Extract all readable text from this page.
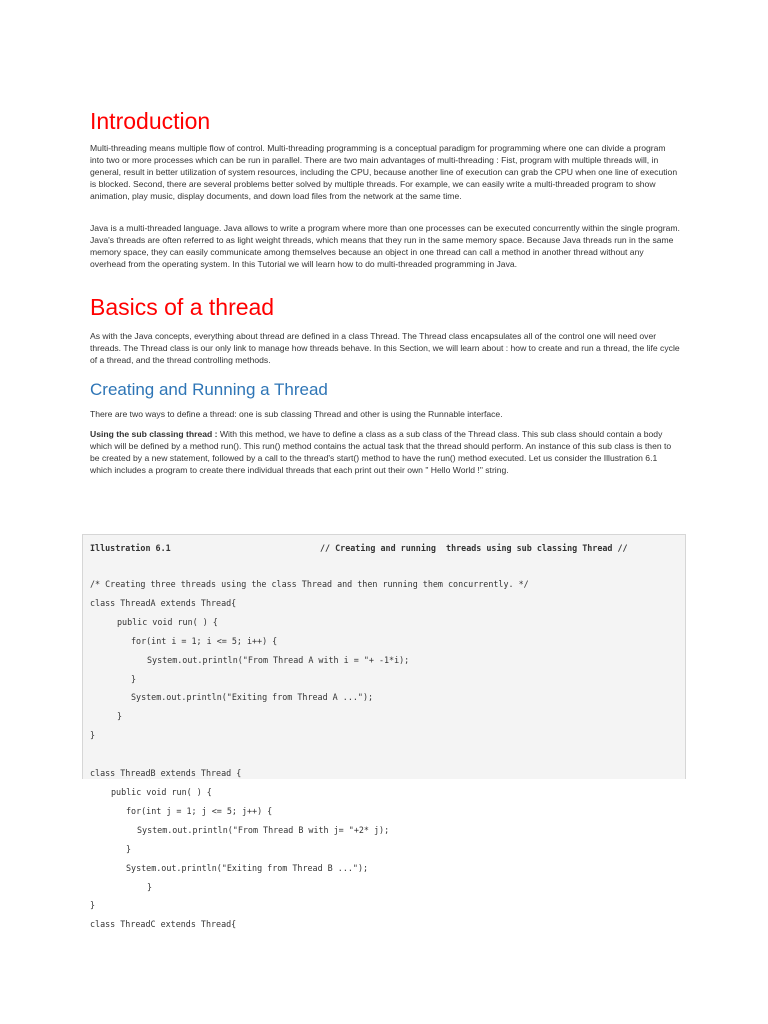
Introduction

Multi-threading means multiple flow of control. Multi-threading programming is a conceptual paradigm for programming where one can divide a program into two or more processes which can be run in parallel. There are two main advantages of multi-threading : Fist, program with multiple threads will, in general, result in better utilization of system resources, including the CPU, because another line of execution can grab the CPU when one line of execution is blocked. Second, there are several problems better solved by multiple threads. For example, we can easily write a multi-threaded program to show animation, play music, display documents, and down load files from the network at the same time.

Java is a multi-threaded language. Java allows to write a program where more than one processes can be executed concurrently within the single program. Java's threads are often referred to as light weight threads, which means that they run in the same memory space. Because Java threads run in the same memory space, they can easily communicate among themselves because an object in one thread can call a method in another thread without any overhead from the operating system. In this Tutorial we will learn how to do multi-threaded programming in Java.

Basics of a thread

As with the Java concepts, everything about thread are defined in a class Thread. The Thread class encapsulates all of the control one will need over threads. The Thread class is our only link to manage how threads behave. In this Section, we will learn about : how to create and run a thread, the life cycle of a thread, and the thread controlling methods.

Creating and Running a Thread

There are two ways to define a thread: one is sub classing Thread and other is using the Runnable interface.

Using the sub classing thread : With this method, we have to define a class as a sub class of the Thread class. This sub class should contain a body which will be defined by a method run(). This run() method contains the actual task that the thread should perform. An instance of this sub class is then to be created by a new statement, followed by a call to the thread's start() method to have the run() method executed. Let us consider the Illustration 6.1 which includes a program to create there individual threads that each print out their own " Hello World !" string.

Illustration 6.1	// Creating and running  threads using sub classing Thread //
/* Creating three threads using the class Thread and then running them concurrently. */
class ThreadA extends Thread{
public void run( ) {
for(int i = 1; i <= 5; i++) {
System.out.println("From Thread A with i = "+ -1*i);
}
System.out.println("Exiting from Thread A ...");
}
}
class ThreadB extends Thread {
public void run( ) {
for(int j = 1; j <= 5; j++) {
System.out.println("From Thread B with j= "+2* j);
}
System.out.println("Exiting from Thread B ...");
}
}
class ThreadC extends Thread{
